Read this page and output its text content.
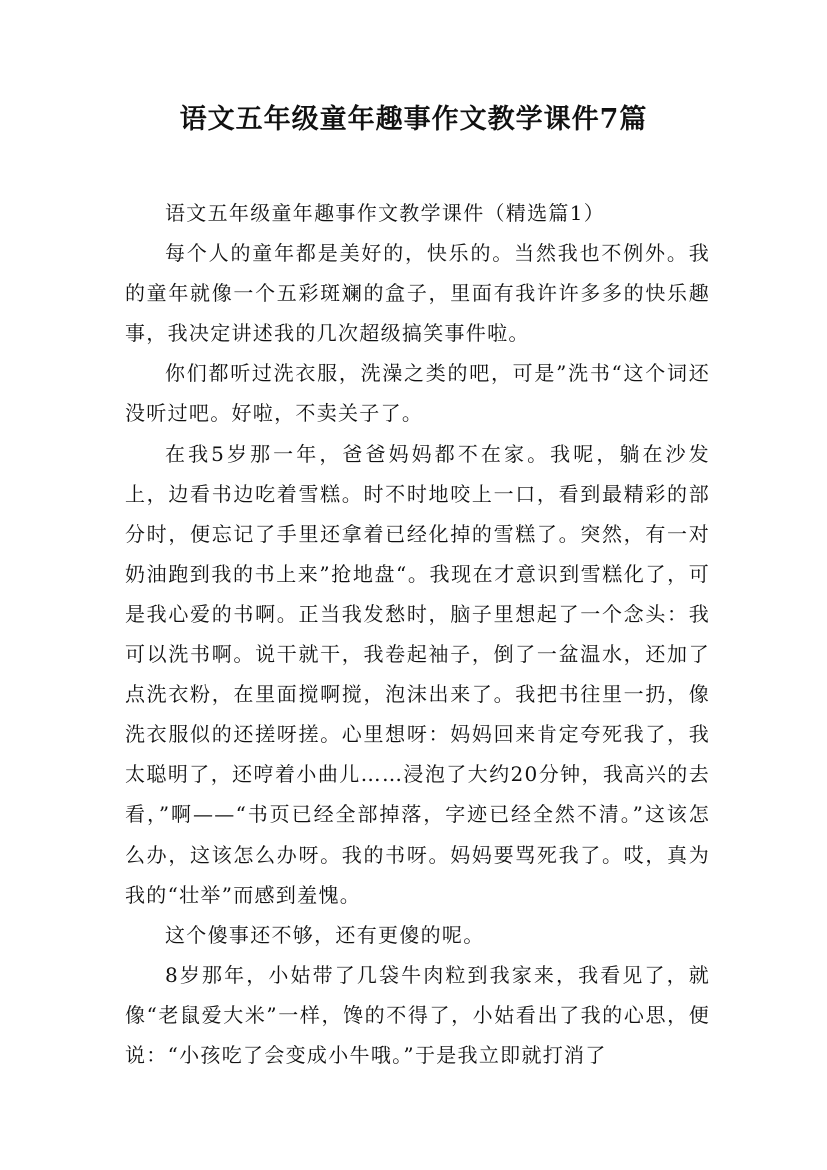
语文五年级童年趣事作文教学课件7篇

语文五年级童年趣事作文教学课件（精选篇1）

每个人的童年都是美好的，快乐的。当然我也不例外。我的童年就像一个五彩斑斓的盒子，里面有我许许多多的快乐趣事，我决定讲述我的几次超级搞笑事件啦。

你们都听过洗衣服，洗澡之类的吧，可是”洗书“这个词还没听过吧。好啦，不卖关子了。

在我5岁那一年，爸爸妈妈都不在家。我呢，躺在沙发上，边看书边吃着雪糕。时不时地咬上一口，看到最精彩的部分时，便忘记了手里还拿着已经化掉的雪糕了。突然，有一对奶油跑到我的书上来”抢地盘“。我现在才意识到雪糕化了，可是我心爱的书啊。正当我发愁时，脑子里想起了一个念头：我可以洗书啊。说干就干，我卷起袖子，倒了一盆温水，还加了点洗衣粉，在里面搅啊搅，泡沫出来了。我把书往里一扔，像洗衣服似的还搓呀搓。心里想呀：妈妈回来肯定夸死我了，我太聪明了，还哼着小曲儿……浸泡了大约20分钟，我高兴的去看，”啊——“书页已经全部掉落，字迹已经全然不清。”这该怎么办，这该怎么办呀。我的书呀。妈妈要骂死我了。哎，真为我的“壮举”而感到羞愧。

这个傻事还不够，还有更傻的呢。

8岁那年，小姑带了几袋牛肉粒到我家来，我看见了，就像“老鼠爱大米”一样，馋的不得了，小姑看出了我的心思，便说：“小孩吃了会变成小牛哦。”于是我立即就打消了
